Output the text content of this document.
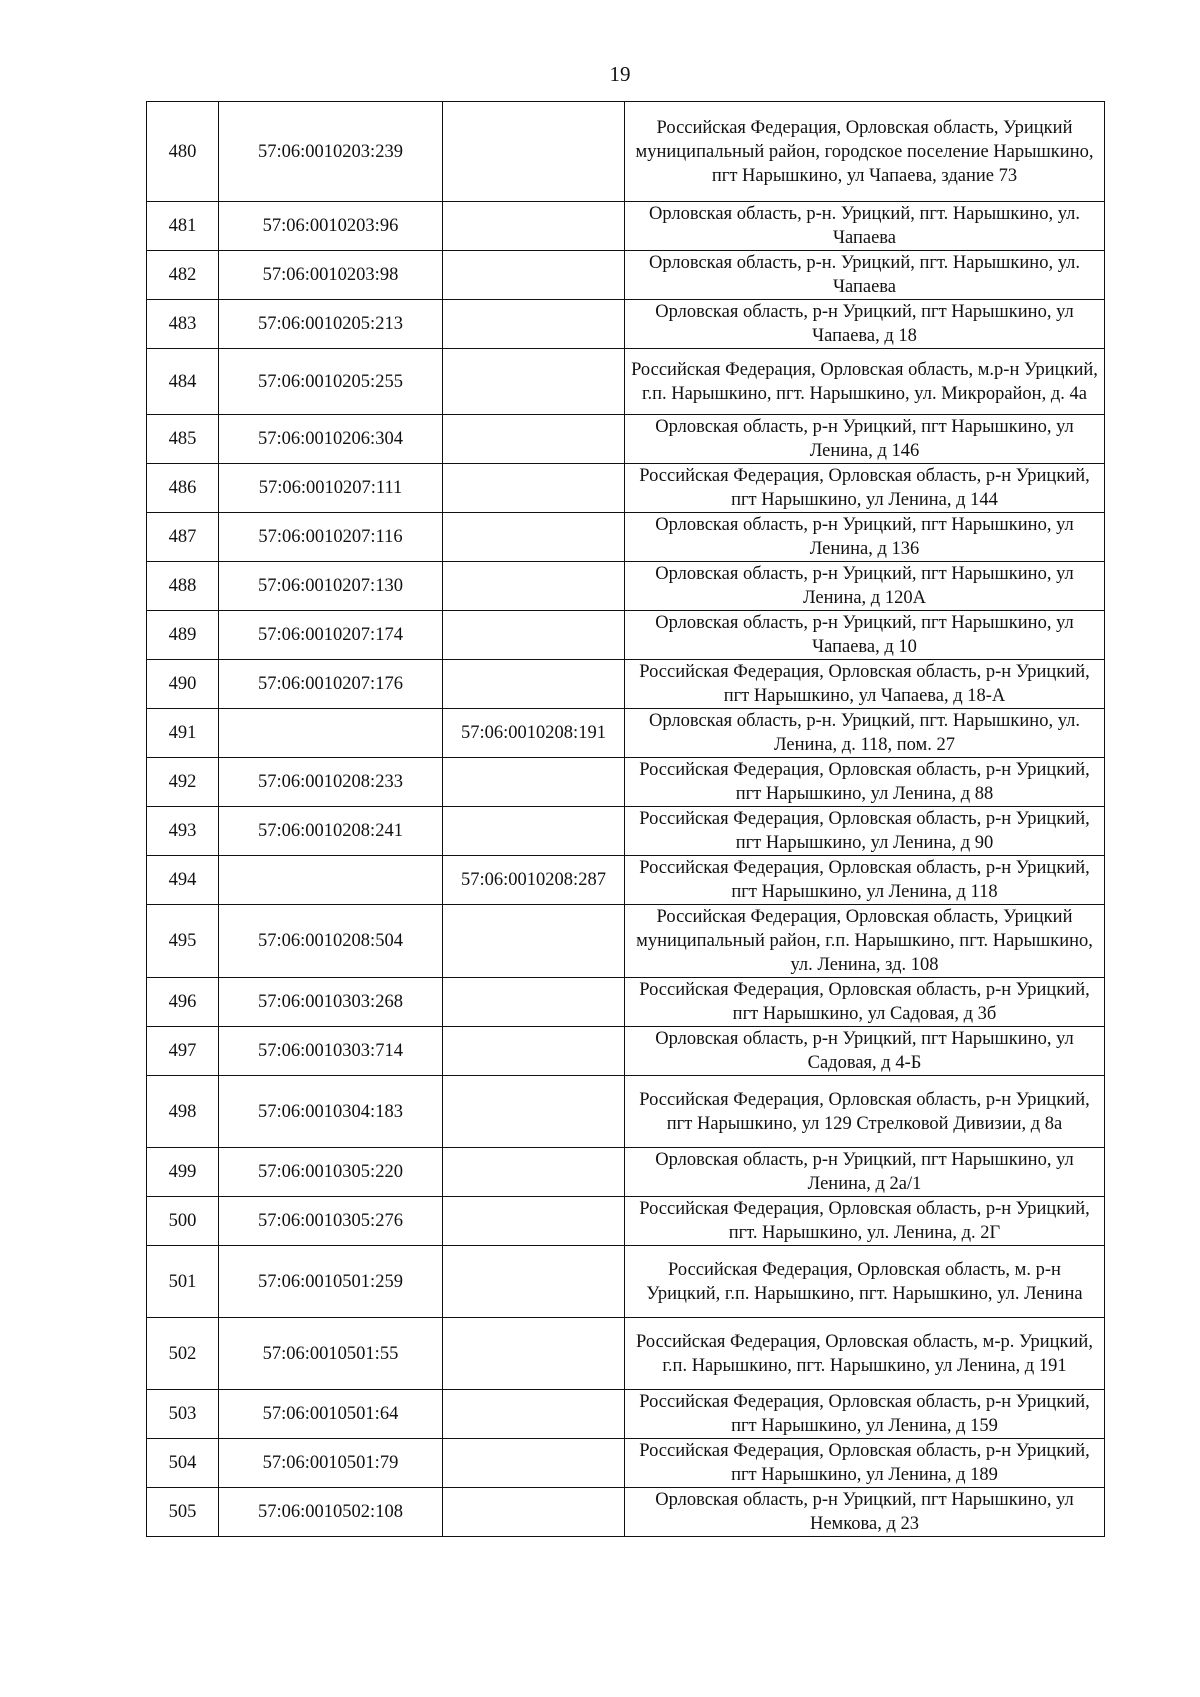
19
480	57:06:0010203:239		Российская Федерация, Орловская область, Урицкий муниципальный район, городское поселение Нарышкино, пгт Нарышкино, ул Чапаева, здание 73
481	57:06:0010203:96		Орловская область, р-н. Урицкий, пгт. Нарышкино, ул. Чапаева
482	57:06:0010203:98		Орловская область, р-н. Урицкий, пгт. Нарышкино, ул. Чапаева
483	57:06:0010205:213		Орловская область, р-н Урицкий, пгт Нарышкино, ул Чапаева, д 18
484	57:06:0010205:255		Российская Федерация, Орловская область, м.р-н Урицкий, г.п. Нарышкино, пгт. Нарышкино, ул. Микрорайон, д. 4а
485	57:06:0010206:304		Орловская область, р-н Урицкий, пгт Нарышкино, ул Ленина, д 146
486	57:06:0010207:111		Российская Федерация, Орловская область, р-н Урицкий, пгт Нарышкино, ул Ленина, д 144
487	57:06:0010207:116		Орловская область, р-н Урицкий, пгт Нарышкино, ул Ленина, д 136
488	57:06:0010207:130		Орловская область, р-н Урицкий, пгт Нарышкино, ул Ленина, д 120А
489	57:06:0010207:174		Орловская область, р-н Урицкий, пгт Нарышкино, ул Чапаева, д 10
490	57:06:0010207:176		Российская Федерация, Орловская область, р-н Урицкий, пгт Нарышкино, ул Чапаева, д 18-А
491		57:06:0010208:191	Орловская область, р-н. Урицкий, пгт. Нарышкино, ул. Ленина, д. 118, пом. 27
492	57:06:0010208:233		Российская Федерация, Орловская область, р-н Урицкий, пгт Нарышкино, ул Ленина, д 88
493	57:06:0010208:241		Российская Федерация, Орловская область, р-н Урицкий, пгт Нарышкино, ул Ленина, д 90
494		57:06:0010208:287	Российская Федерация, Орловская область, р-н Урицкий, пгт Нарышкино, ул Ленина, д 118
495	57:06:0010208:504		Российская Федерация, Орловская область, Урицкий муниципальный район, г.п. Нарышкино, пгт. Нарышкино, ул. Ленина, зд. 108
496	57:06:0010303:268		Российская Федерация, Орловская область, р-н Урицкий, пгт Нарышкино, ул Садовая, д 3б
497	57:06:0010303:714		Орловская область, р-н Урицкий, пгт Нарышкино, ул Садовая, д 4-Б
498	57:06:0010304:183		Российская Федерация, Орловская область, р-н Урицкий, пгт Нарышкино, ул 129 Стрелковой Дивизии, д 8а
499	57:06:0010305:220		Орловская область, р-н Урицкий, пгт Нарышкино, ул Ленина, д 2а/1
500	57:06:0010305:276		Российская Федерация, Орловская область, р-н Урицкий, пгт. Нарышкино, ул. Ленина, д. 2Г
501	57:06:0010501:259		Российская Федерация, Орловская область, м. р-н Урицкий, г.п. Нарышкино, пгт. Нарышкино, ул. Ленина
502	57:06:0010501:55		Российская Федерация, Орловская область, м-р. Урицкий, г.п. Нарышкино, пгт. Нарышкино, ул Ленина, д 191
503	57:06:0010501:64		Российская Федерация, Орловская область, р-н Урицкий, пгт Нарышкино, ул Ленина, д 159
504	57:06:0010501:79		Российская Федерация, Орловская область, р-н Урицкий, пгт Нарышкино, ул Ленина, д 189
505	57:06:0010502:108		Орловская область, р-н Урицкий, пгт Нарышкино, ул Немкова, д 23
